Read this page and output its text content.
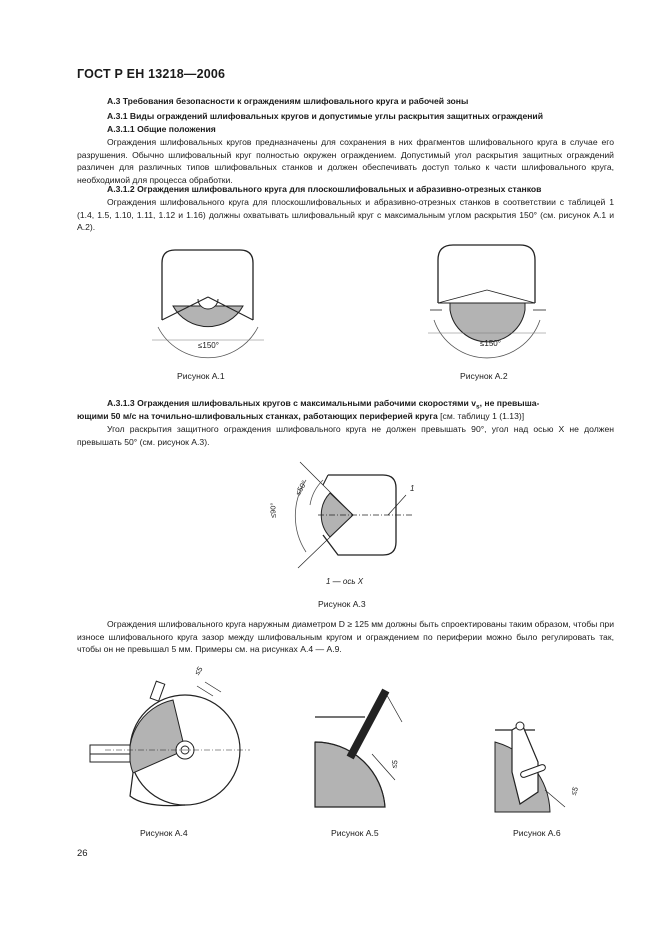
ГОСТ Р ЕН 13218—2006
А.3 Требования безопасности к ограждениям шлифовального круга и рабочей зоны
А.3.1 Виды ограждений шлифовальных кругов и допустимые углы раскрытия защитных ограждений
А.3.1.1 Общие положения
Ограждения шлифовальных кругов предназначены для сохранения в них фрагментов шлифовального круга в случае его разрушения. Обычно шлифовальный круг полностью окружен ограждением. Допустимый угол раскрытия защитных ограждений различен для различных типов шлифовальных станков и должен обеспечивать доступ только к части шлифовального круга, необходимой для процесса обработки.
А.3.1.2 Ограждения шлифовального круга для плоскошлифовальных и абразивно-отрезных станков
Ограждения шлифовального круга для плоскошлифовальных и абразивно-отрезных станков в соответствии с таблицей 1 (1.4, 1.5, 1.10, 1.11, 1.12 и 1.16) должны охватывать шлифовальный круг с максимальным углом раскрытия 150° (см. рисунок А.1 и А.2).
≤150°
Рисунок А.1
≤150°
Рисунок А.2
А.3.1.3 Ограждения шлифовальных кругов с максимальными рабочими скоростями $v_s$, не превыша-
ющими 50 м/с на точильно-шлифовальных станках, работающих периферией круга [см. таблицу 1 (1.13)]
Угол раскрытия защитного ограждения шлифовального круга не должен превышать 90°, угол над осью X не должен превышать 50° (см. рисунок А.3).
≤90°
≤50°	1
1 — ось X
Рисунок А.3
Ограждения шлифовального круга наружным диаметром D ≥ 125 мм должны быть спроектированы таким образом, чтобы при износе шлифовального круга зазор между шлифовальным кругом и ограждением по периферии можно было регулировать так, чтобы он не превышал 5 мм. Примеры см. на рисунках А.4 — А.9.
≤5
Рисунок А.4
≤5
Рисунок А.5
≤5
Рисунок А.6
26
